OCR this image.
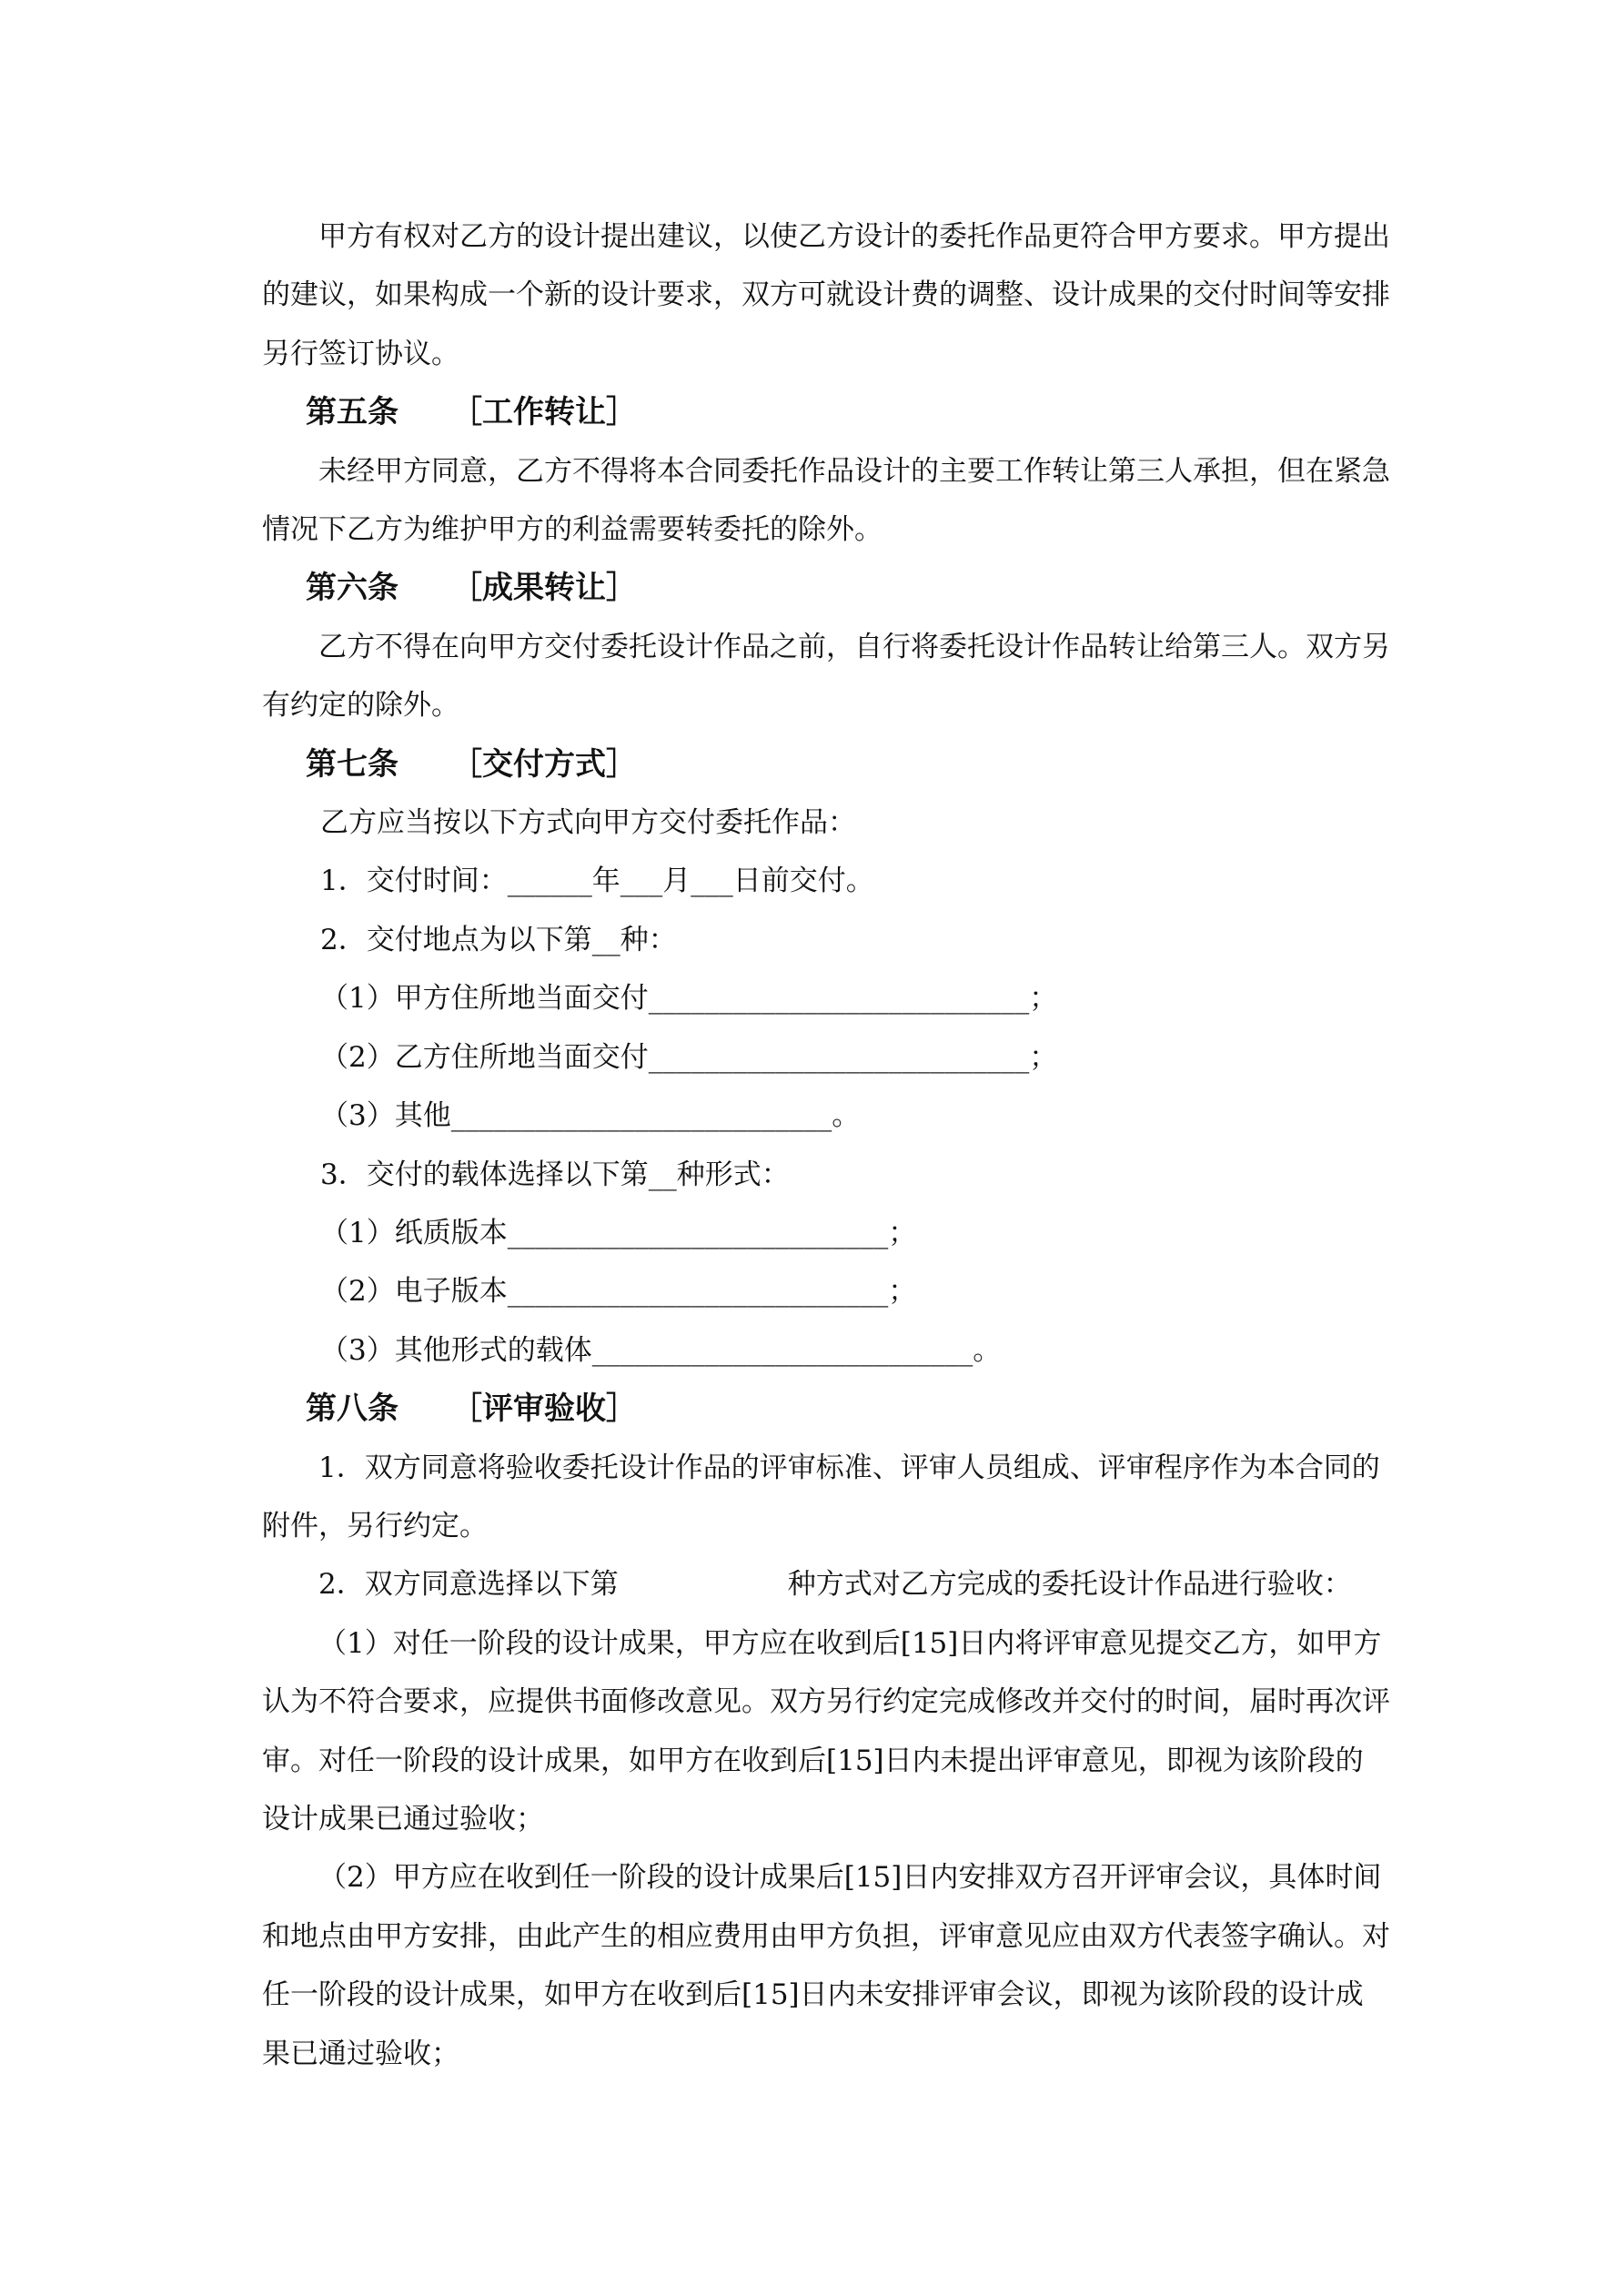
甲方有权对乙方的设计提出建议，以使乙方设计的委托作品更符合甲方要求。甲方提出的建议，如果构成一个新的设计要求，双方可就设计费的调整、设计成果的交付时间等安排另行签订协议。

第五条 ［工作转让］

未经甲方同意，乙方不得将本合同委托作品设计的主要工作转让第三人承担，但在紧急情况下乙方为维护甲方的利益需要转委托的除外。

第六条 ［成果转让］

乙方不得在向甲方交付委托设计作品之前，自行将委托设计作品转让给第三人。双方另有约定的除外。

第七条 ［交付方式］

乙方应当按以下方式向甲方交付委托作品：

1．交付时间：______年___月___日前交付。

2．交付地点为以下第__种：

（1）甲方住所地当面交付___________________________；

（2）乙方住所地当面交付___________________________；

（3）其他___________________________。

3．交付的载体选择以下第__种形式：

（1）纸质版本___________________________；

（2）电子版本___________________________；

（3）其他形式的载体___________________________。

第八条 ［评审验收］

1．双方同意将验收委托设计作品的评审标准、评审人员组成、评审程序作为本合同的附件，另行约定。

2．双方同意选择以下第	种方式对乙方完成的委托设计作品进行验收：

（1）对任一阶段的设计成果，甲方应在收到后[15]日内将评审意见提交乙方，如甲方认为不符合要求，应提供书面修改意见。双方另行约定完成修改并交付的时间，届时再次评审。对任一阶段的设计成果，如甲方在收到后[15]日内未提出评审意见，即视为该阶段的设计成果已通过验收；

（2）甲方应在收到任一阶段的设计成果后[15]日内安排双方召开评审会议，具体时间和地点由甲方安排，由此产生的相应费用由甲方负担，评审意见应由双方代表签字确认。对任一阶段的设计成果，如甲方在收到后[15]日内未安排评审会议，即视为该阶段的设计成果已通过验收；
